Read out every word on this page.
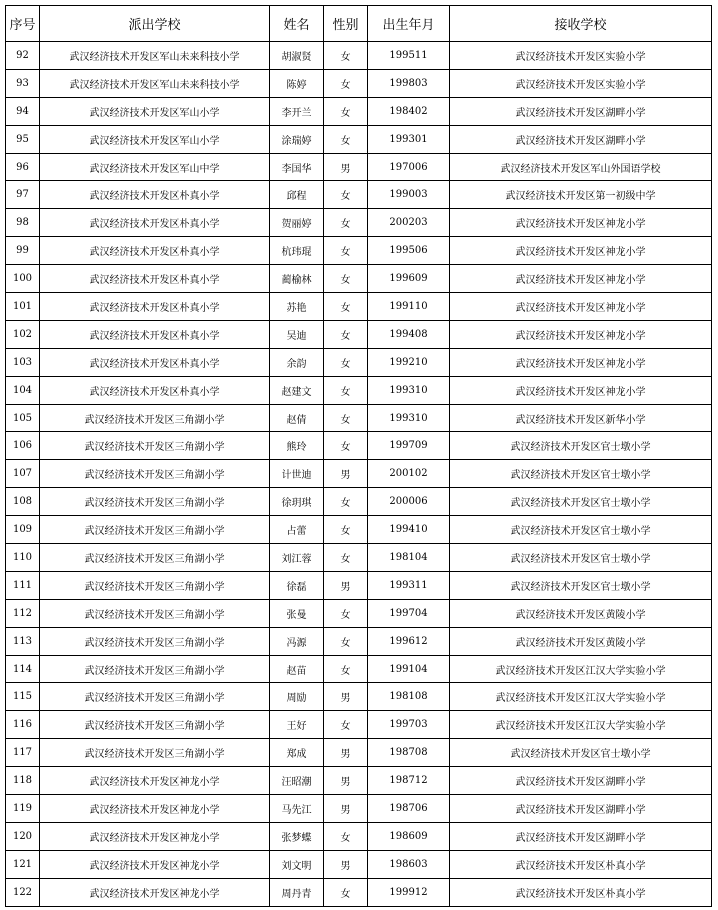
序号	派出学校	姓名	性别	出生年月	接收学校
92	武汉经济技术开发区军山未来科技小学	胡淑贤	女	199511	武汉经济技术开发区实验小学
93	武汉经济技术开发区军山未来科技小学	陈婷	女	199803	武汉经济技术开发区实验小学
94	武汉经济技术开发区军山小学	李开兰	女	198402	武汉经济技术开发区湖畔小学
95	武汉经济技术开发区军山小学	涂瑞婷	女	199301	武汉经济技术开发区湖畔小学
96	武汉经济技术开发区军山中学	李国华	男	197006	武汉经济技术开发区军山外国语学校
97	武汉经济技术开发区朴真小学	邱程	女	199003	武汉经济技术开发区第一初级中学
98	武汉经济技术开发区朴真小学	贺丽婷	女	200203	武汉经济技术开发区神龙小学
99	武汉经济技术开发区朴真小学	杭玮琨	女	199506	武汉经济技术开发区神龙小学
100	武汉经济技术开发区朴真小学	蔺榆林	女	199609	武汉经济技术开发区神龙小学
101	武汉经济技术开发区朴真小学	苏艳	女	199110	武汉经济技术开发区神龙小学
102	武汉经济技术开发区朴真小学	吴迪	女	199408	武汉经济技术开发区神龙小学
103	武汉经济技术开发区朴真小学	余韵	女	199210	武汉经济技术开发区神龙小学
104	武汉经济技术开发区朴真小学	赵建文	女	199310	武汉经济技术开发区神龙小学
105	武汉经济技术开发区三角湖小学	赵倩	女	199310	武汉经济技术开发区新华小学
106	武汉经济技术开发区三角湖小学	熊玲	女	199709	武汉经济技术开发区官士墩小学
107	武汉经济技术开发区三角湖小学	计世迪	男	200102	武汉经济技术开发区官士墩小学
108	武汉经济技术开发区三角湖小学	徐玥琪	女	200006	武汉经济技术开发区官士墩小学
109	武汉经济技术开发区三角湖小学	占蕾	女	199410	武汉经济技术开发区官士墩小学
110	武汉经济技术开发区三角湖小学	刘江蓉	女	198104	武汉经济技术开发区官士墩小学
111	武汉经济技术开发区三角湖小学	徐磊	男	199311	武汉经济技术开发区官士墩小学
112	武汉经济技术开发区三角湖小学	张曼	女	199704	武汉经济技术开发区黄陵小学
113	武汉经济技术开发区三角湖小学	冯源	女	199612	武汉经济技术开发区黄陵小学
114	武汉经济技术开发区三角湖小学	赵苗	女	199104	武汉经济技术开发区江汉大学实验小学
115	武汉经济技术开发区三角湖小学	周励	男	198108	武汉经济技术开发区江汉大学实验小学
116	武汉经济技术开发区三角湖小学	王好	女	199703	武汉经济技术开发区江汉大学实验小学
117	武汉经济技术开发区三角湖小学	郑成	男	198708	武汉经济技术开发区官士墩小学
118	武汉经济技术开发区神龙小学	汪昭潮	男	198712	武汉经济技术开发区湖畔小学
119	武汉经济技术开发区神龙小学	马先江	男	198706	武汉经济技术开发区湖畔小学
120	武汉经济技术开发区神龙小学	张梦蝶	女	198609	武汉经济技术开发区湖畔小学
121	武汉经济技术开发区神龙小学	刘文明	男	198603	武汉经济技术开发区朴真小学
122	武汉经济技术开发区神龙小学	周丹青	女	199912	武汉经济技术开发区朴真小学
